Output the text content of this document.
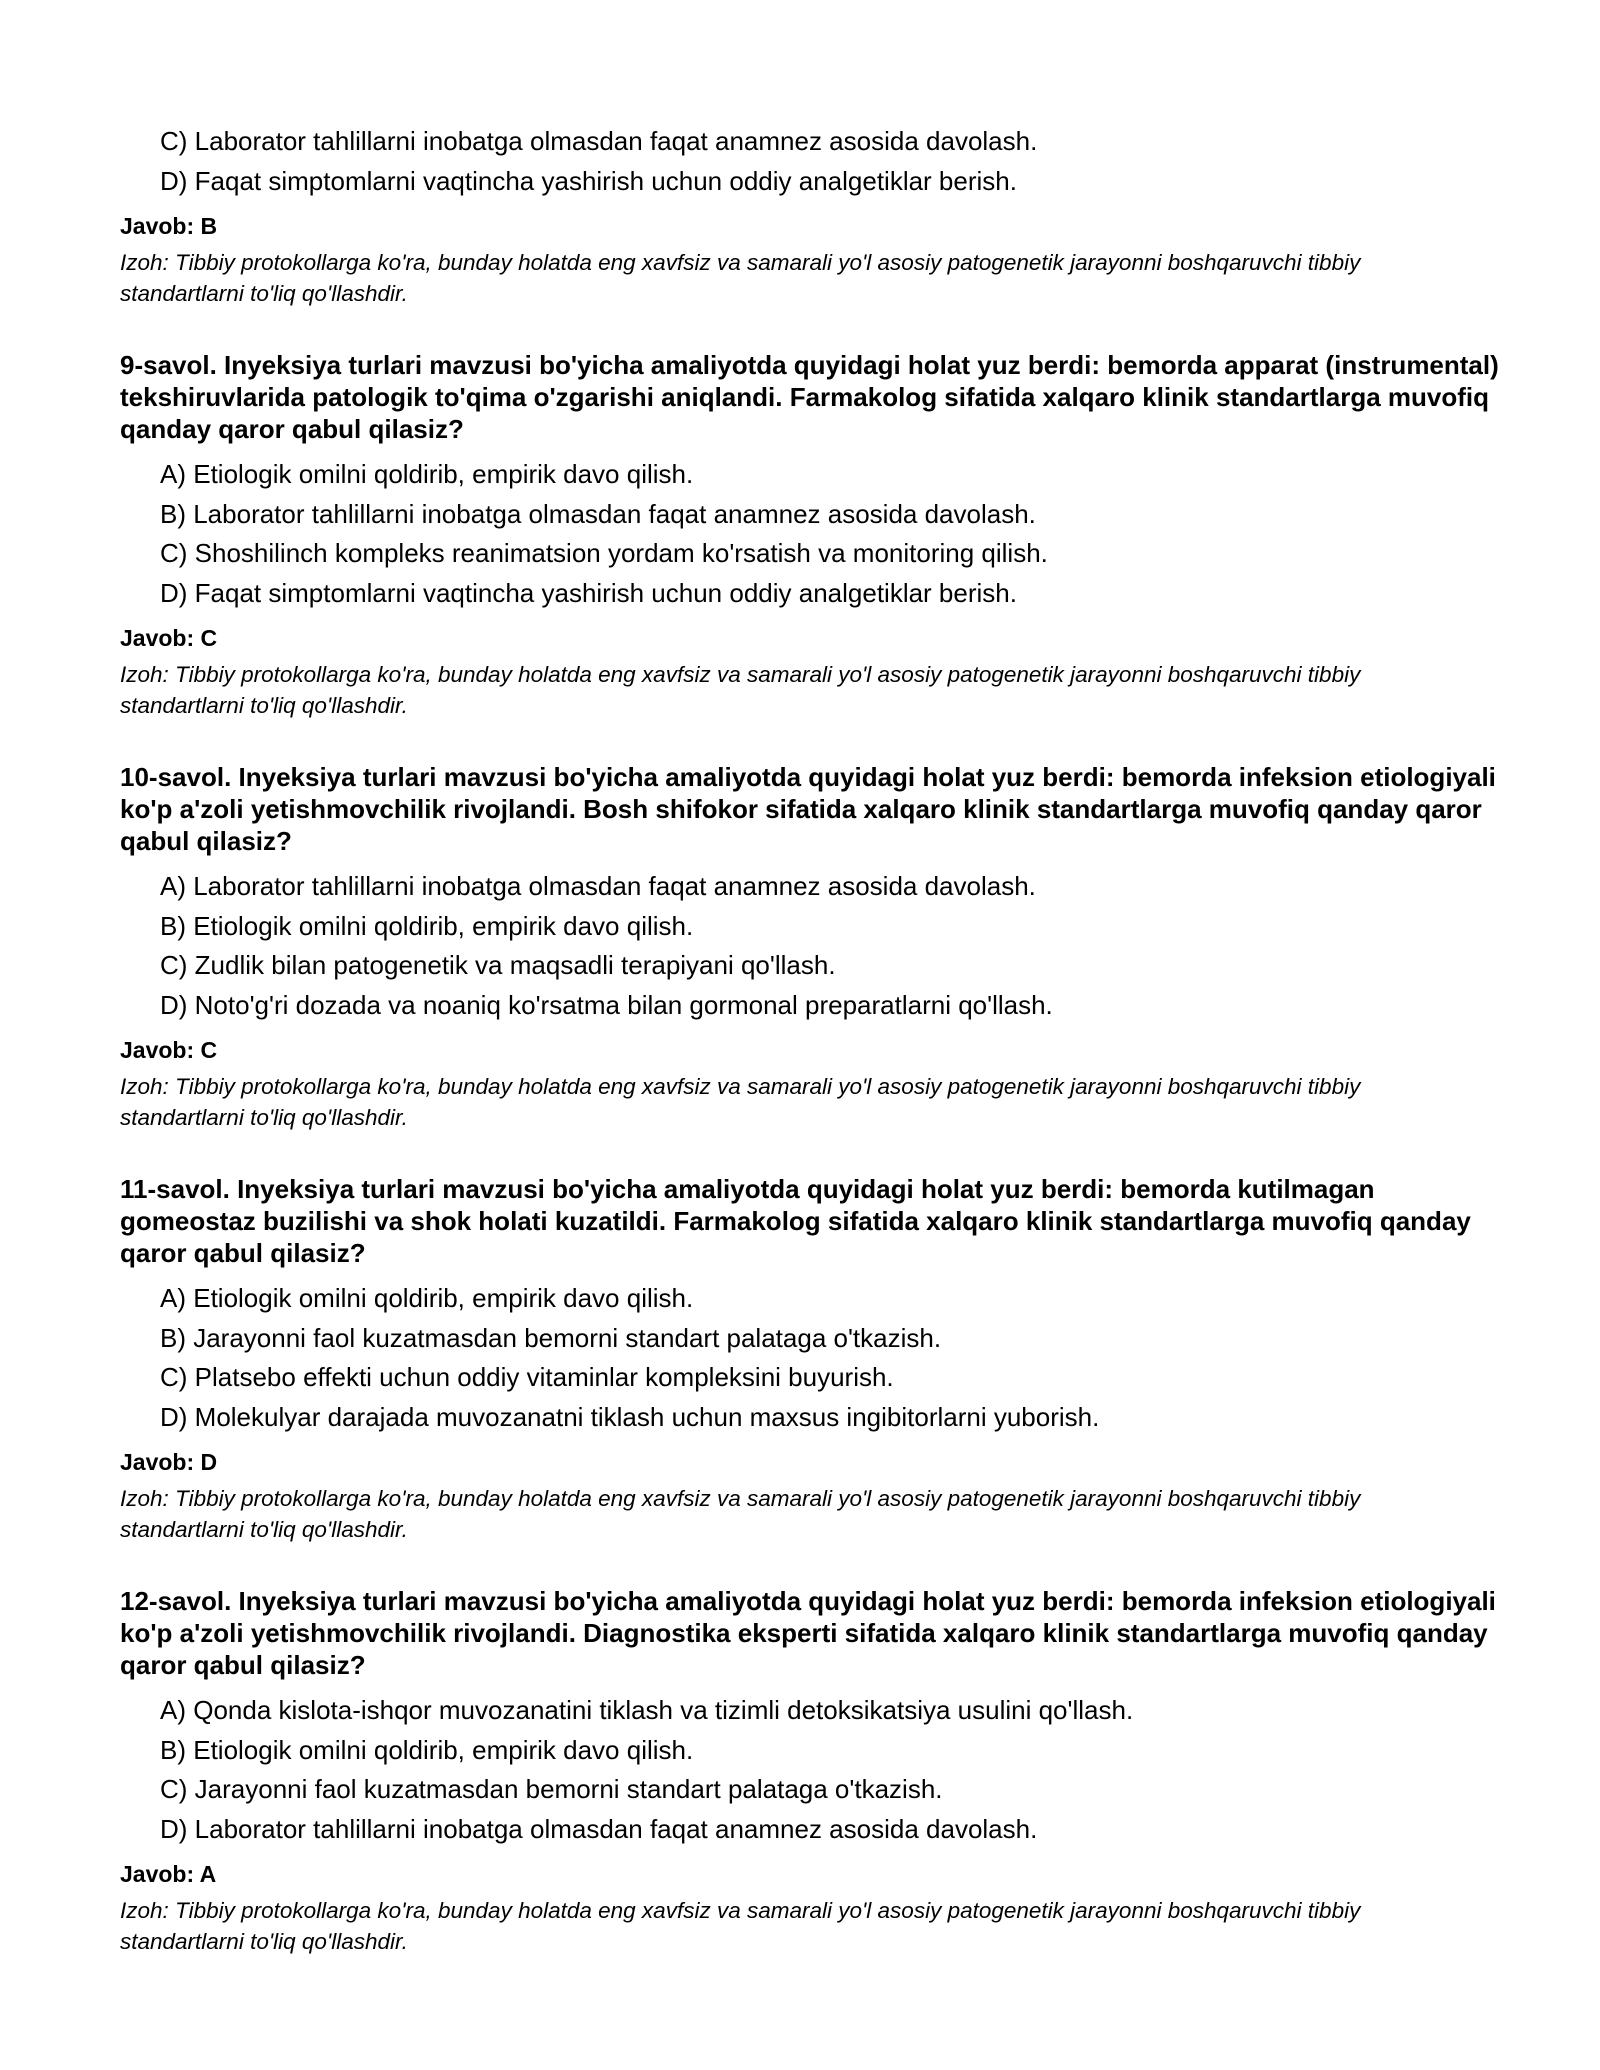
C) Laborator tahlillarni inobatga olmasdan faqat anamnez asosida davolash.

D) Faqat simptomlarni vaqtincha yashirish uchun oddiy analgetiklar berish.

Javob: B

Izoh: Tibbiy protokollarga ko'ra, bunday holatda eng xavfsiz va samarali yo'l asosiy patogenetik jarayonni boshqaruvchi tibbiy standartlarni to'liq qo'llashdir.

9-savol. Inyeksiya turlari mavzusi bo'yicha amaliyotda quyidagi holat yuz berdi: bemorda apparat (instrumental) tekshiruvlarida patologik to'qima o'zgarishi aniqlandi. Farmakolog sifatida xalqaro klinik standartlarga muvofiq qanday qaror qabul qilasiz?

A) Etiologik omilni qoldirib, empirik davo qilish.

B) Laborator tahlillarni inobatga olmasdan faqat anamnez asosida davolash.

C) Shoshilinch kompleks reanimatsion yordam ko'rsatish va monitoring qilish.

D) Faqat simptomlarni vaqtincha yashirish uchun oddiy analgetiklar berish.

Javob: C

Izoh: Tibbiy protokollarga ko'ra, bunday holatda eng xavfsiz va samarali yo'l asosiy patogenetik jarayonni boshqaruvchi tibbiy standartlarni to'liq qo'llashdir.

10-savol. Inyeksiya turlari mavzusi bo'yicha amaliyotda quyidagi holat yuz berdi: bemorda infeksion etiologiyali ko'p a'zoli yetishmovchilik rivojlandi. Bosh shifokor sifatida xalqaro klinik standartlarga muvofiq qanday qaror qabul qilasiz?

A) Laborator tahlillarni inobatga olmasdan faqat anamnez asosida davolash.

B) Etiologik omilni qoldirib, empirik davo qilish.

C) Zudlik bilan patogenetik va maqsadli terapiyani qo'llash.

D) Noto'g'ri dozada va noaniq ko'rsatma bilan gormonal preparatlarni qo'llash.

Javob: C

Izoh: Tibbiy protokollarga ko'ra, bunday holatda eng xavfsiz va samarali yo'l asosiy patogenetik jarayonni boshqaruvchi tibbiy standartlarni to'liq qo'llashdir.

11-savol. Inyeksiya turlari mavzusi bo'yicha amaliyotda quyidagi holat yuz berdi: bemorda kutilmagan gomeostaz buzilishi va shok holati kuzatildi. Farmakolog sifatida xalqaro klinik standartlarga muvofiq qanday qaror qabul qilasiz?

A) Etiologik omilni qoldirib, empirik davo qilish.

B) Jarayonni faol kuzatmasdan bemorni standart palataga o'tkazish.

C) Platsebo effekti uchun oddiy vitaminlar kompleksini buyurish.

D) Molekulyar darajada muvozanatni tiklash uchun maxsus ingibitorlarni yuborish.

Javob: D

Izoh: Tibbiy protokollarga ko'ra, bunday holatda eng xavfsiz va samarali yo'l asosiy patogenetik jarayonni boshqaruvchi tibbiy standartlarni to'liq qo'llashdir.

12-savol. Inyeksiya turlari mavzusi bo'yicha amaliyotda quyidagi holat yuz berdi: bemorda infeksion etiologiyali ko'p a'zoli yetishmovchilik rivojlandi. Diagnostika eksperti sifatida xalqaro klinik standartlarga muvofiq qanday qaror qabul qilasiz?

A) Qonda kislota-ishqor muvozanatini tiklash va tizimli detoksikatsiya usulini qo'llash.

B) Etiologik omilni qoldirib, empirik davo qilish.

C) Jarayonni faol kuzatmasdan bemorni standart palataga o'tkazish.

D) Laborator tahlillarni inobatga olmasdan faqat anamnez asosida davolash.

Javob: A

Izoh: Tibbiy protokollarga ko'ra, bunday holatda eng xavfsiz va samarali yo'l asosiy patogenetik jarayonni boshqaruvchi tibbiy standartlarni to'liq qo'llashdir.
